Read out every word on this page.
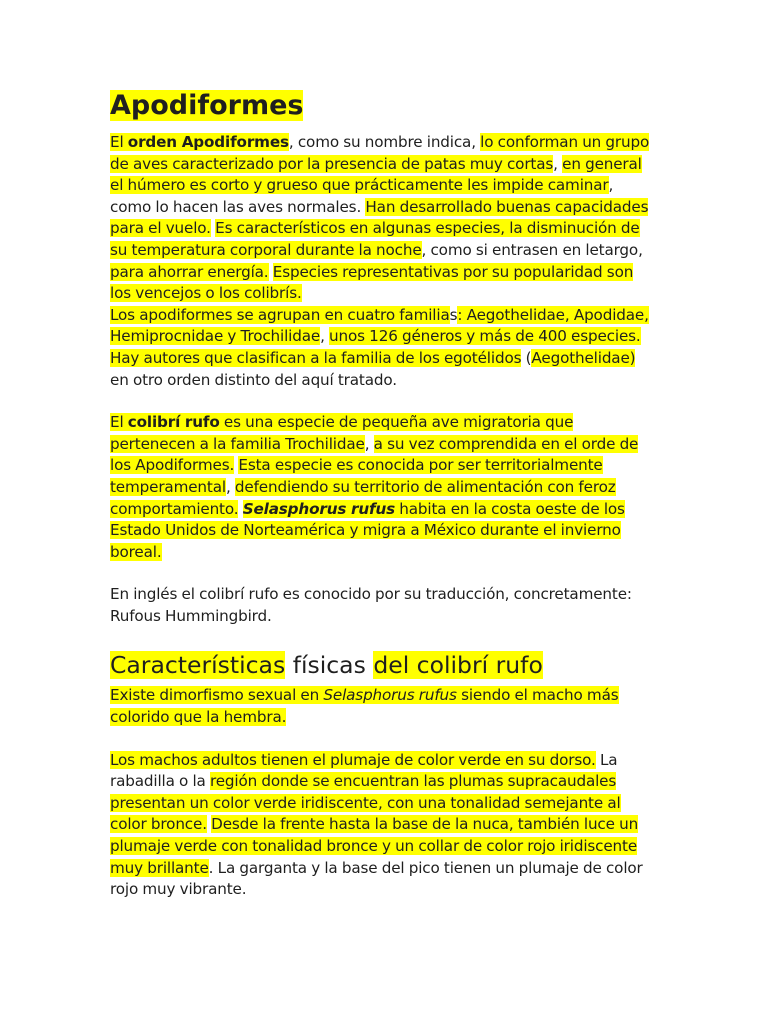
Apodiformes

El orden Apodiformes, como su nombre indica, lo conforman un grupo de aves caracterizado por la presencia de patas muy cortas, en general el húmero es corto y grueso que prácticamente les impide caminar, como lo hacen las aves normales. Han desarrollado buenas capacidades para el vuelo. Es característicos en algunas especies, la disminución de su temperatura corporal durante la noche, como si entrasen en letargo, para ahorrar energía. Especies representativas por su popularidad son los vencejos o los colibrís.

Los apodiformes se agrupan en cuatro familias: Aegothelidae, Apodidae, Hemiprocnidae y Trochilidae, unos 126 géneros y más de 400 especies. Hay autores que clasifican a la familia de los egotélidos (Aegothelidae) en otro orden distinto del aquí tratado.

El colibrí rufo es una especie de pequeña ave migratoria que pertenecen a la familia Trochilidae, a su vez comprendida en el orde de los Apodiformes. Esta especie es conocida por ser territorialmente temperamental, defendiendo su territorio de alimentación con feroz comportamiento. Selasphorus rufus habita en la costa oeste de los Estado Unidos de Norteamérica y migra a México durante el invierno boreal.

En inglés el colibrí rufo es conocido por su traducción, concretamente: Rufous Hummingbird.

Características físicas del colibrí rufo

Existe dimorfismo sexual en Selasphorus rufus siendo el macho más colorido que la hembra.

Los machos adultos tienen el plumaje de color verde en su dorso. La rabadilla o la región donde se encuentran las plumas supracaudales presentan un color verde iridiscente, con una tonalidad semejante al color bronce. Desde la frente hasta la base de la nuca, también luce un plumaje verde con tonalidad bronce y un collar de color rojo iridiscente muy brillante. La garganta y la base del pico tienen un plumaje de color rojo muy vibrante.
